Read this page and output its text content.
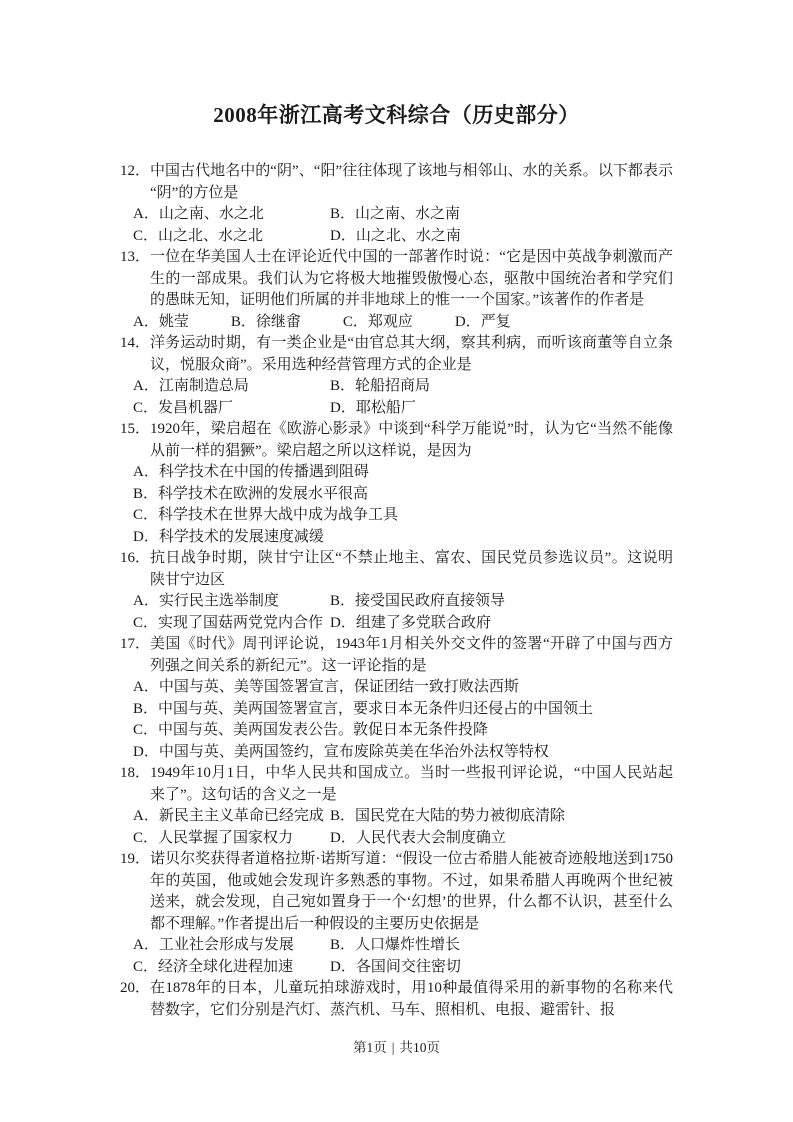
2008年浙江高考文科综合（历史部分）
12． 中国古代地名中的“阴”、“阳”往往体现了该地与相邻山、水的关系。以下都表示“阴”的方位是
A．山之南、水之北	B．山之南、水之南
C．山之北、水之北	D．山之北、水之南
13． 一位在华美国人士在评论近代中国的一部著作时说：“它是因中英战争刺激而产生的一部成果。我们认为它将极大地摧毁傲慢心态，驱散中国统治者和学究们的愚昧无知，证明他们所属的并非地球上的惟一一个国家。”该著作的作者是
A．姚莹	B．徐继畬	C．郑观应	D．严复
14． 洋务运动时期，有一类企业是“由官总其大纲，察其利病，而听该商董等自立条议，悦服众商”。采用选种经营管理方式的企业是
A．江南制造总局	B．轮船招商局
C．发昌机器厂	D．耶松船厂
15． 1920年，梁启超在《欧游心影录》中谈到“科学万能说”时，认为它“当然不能像从前一样的猖獗”。梁启超之所以这样说，是因为
A．科学技术在中国的传播遇到阻碍
B．科学技术在欧洲的发展水平很高
C．科学技术在世界大战中成为战争工具
D．科学技术的发展速度减缓
16． 抗日战争时期，陕甘宁让区“不禁止地主、富农、国民党员参选议员”。这说明陕甘宁边区
A．实行民主选举制度	B．接受国民政府直接领导
C．实现了国菇两党党内合作 D．组建了多党联合政府
17． 美国《时代》周刊评论说，1943年1月相关外交文件的签署“开辟了中国与西方列强之间关系的新纪元”。这一评论指的是
A．中国与英、美等国签署宣言，保证团结一致打败法西斯
B．中国与英、美两国签署宣言，要求日本无条件归还侵占的中国领土
C．中国与英、美两国发表公告。敦促日本无条件投降
D．中国与英、美两国签约，宣布废除英美在华治外法权等特权
18． 1949年10月1日，中华人民共和国成立。当时一些报刊评论说，“中国人民站起来了”。这句话的含义之一是
A．新民主主义革命已经完成 B．国民党在大陆的势力被彻底清除
C．人民掌握了国家权力	D．人民代表大会制度确立
19． 诺贝尔奖获得者道格拉斯·诺斯写道：“假设一位古希腊人能被奇迹般地送到1750年的英国，他或她会发现许多熟悉的事物。不过，如果希腊人再晚两个世纪被送来，就会发现，自己宛如置身于一个‘幻想’的世界，什么都不认识，甚至什么都不理解。”作者提出后一种假设的主要历史依据是
A．工业社会形成与发展	B．人口爆炸性增长
C．经济全球化进程加速	D．各国间交往密切
20． 在1878年的日本，儿童玩拍球游戏时，用10种最值得采用的新事物的名称来代替数字，它们分别是汽灯、蒸汽机、马车、照相机、电报、避雷针、报
第1页 | 共10页
